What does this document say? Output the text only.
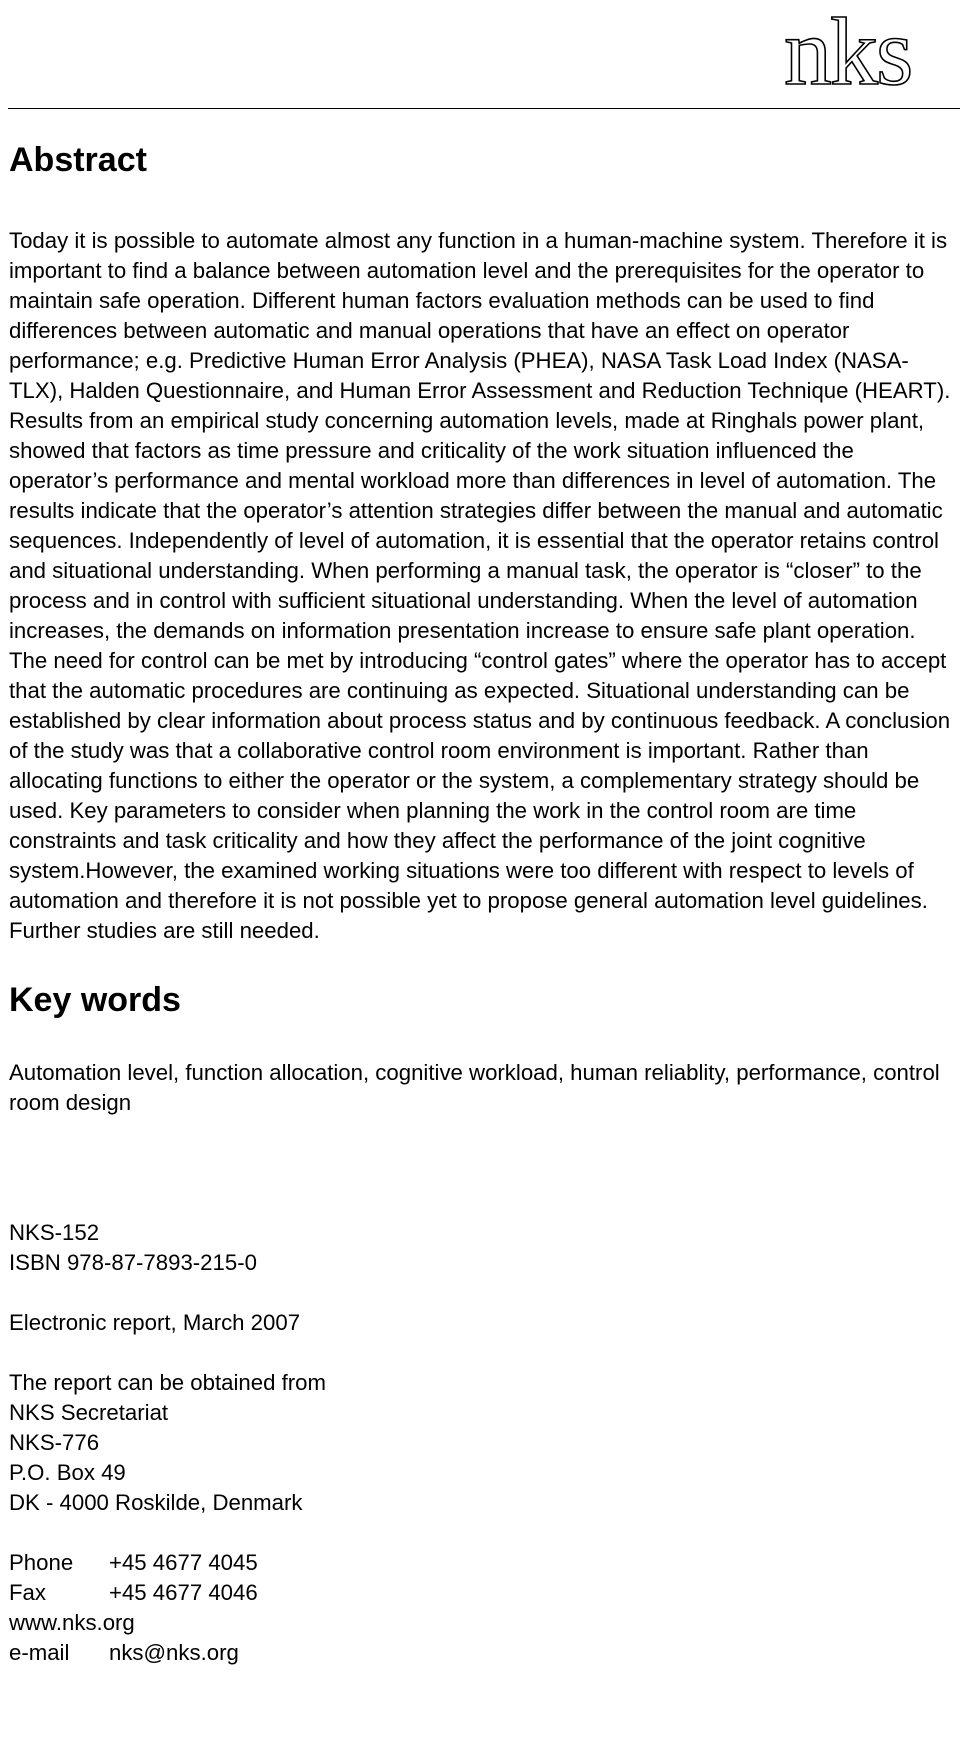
nks
Abstract

Today it is possible to automate almost any function in a human-machine system. Therefore it is important to find a balance between automation level and the prerequisites for the operator to maintain safe operation. Different human factors evaluation methods can be used to find differences between automatic and manual operations that have an effect on operator performance; e.g. Predictive Human Error Analysis (PHEA), NASA Task Load Index (NASA-TLX), Halden Questionnaire, and Human Error Assessment and Reduction Technique (HEART). Results from an empirical study concerning automation levels, made at Ringhals power plant, showed that factors as time pressure and criticality of the work situation influenced the operator’s performance and mental workload more than differences in level of automation. The results indicate that the operator’s attention strategies differ between the manual and automatic sequences. Independently of level of automation, it is essential that the operator retains control and situational understanding. When performing a manual task, the operator is “closer” to the process and in control with sufficient situational understanding. When the level of automation increases, the demands on information presentation increase to ensure safe plant operation. The need for control can be met by introducing “control gates” where the operator has to accept that the automatic procedures are continuing as expected. Situational understanding can be established by clear information about process status and by continuous feedback. A conclusion of the study was that a collaborative control room environment is important. Rather than allocating functions to either the operator or the system, a complementary strategy should be used. Key parameters to consider when planning the work in the control room are time constraints and task criticality and how they affect the performance of the joint cognitive system.However, the examined working situations were too different with respect to levels of automation and therefore it is not possible yet to propose general automation level guidelines. Further studies are still needed.

Key words

Automation level, function allocation, cognitive workload, human reliablity, performance, control room design

NKS-152

ISBN 978-87-7893-215-0

Electronic report, March 2007

The report can be obtained from

NKS Secretariat

NKS-776

P.O. Box 49

DK - 4000 Roskilde, Denmark

Phone	+45 4677 4045

Fax	+45 4677 4046

www.nks.org

e-mail	nks@nks.org
